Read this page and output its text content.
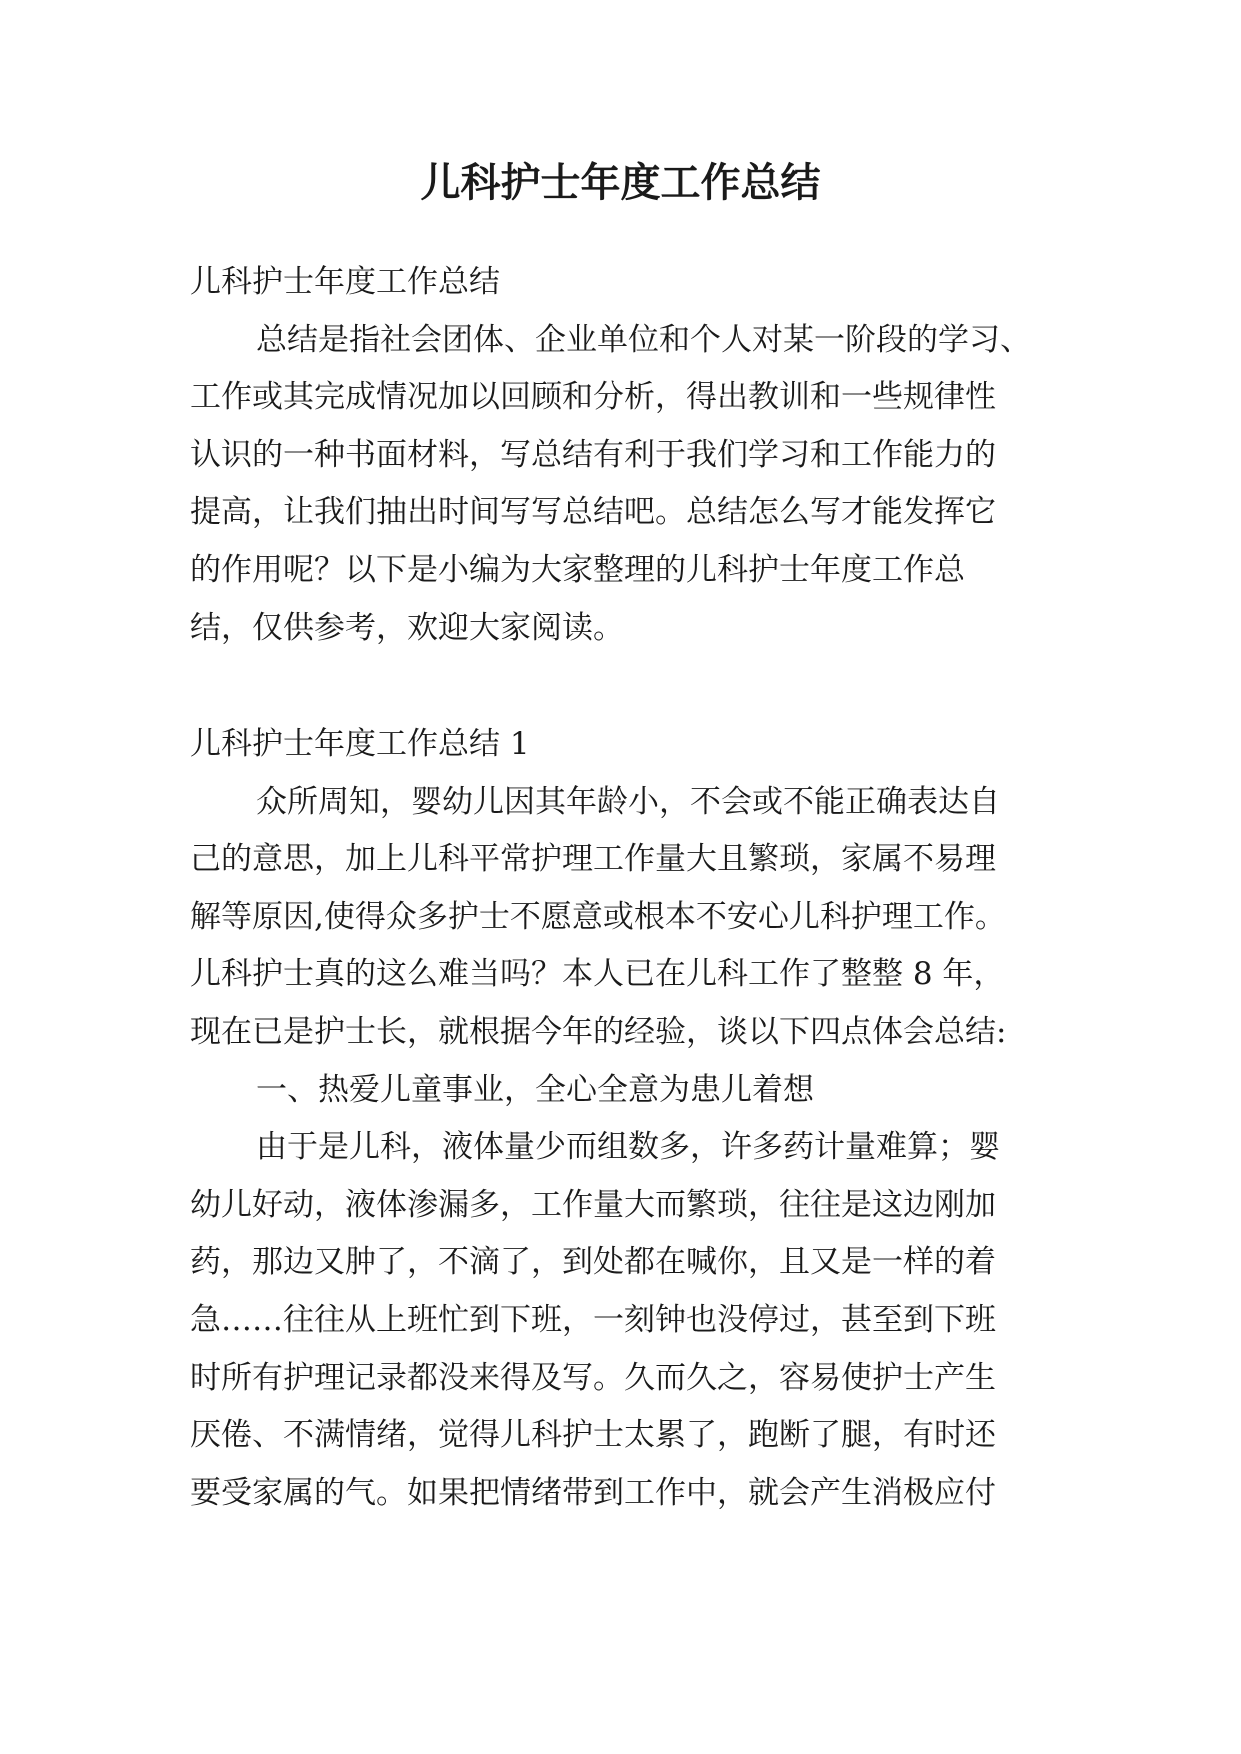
儿科护士年度工作总结
儿科护士年度工作总结
总结是指社会团体、企业单位和个人对某一阶段的学习、
工作或其完成情况加以回顾和分析，得出教训和一些规律性
认识的一种书面材料，写总结有利于我们学习和工作能力的
提高，让我们抽出时间写写总结吧。总结怎么写才能发挥它
的作用呢？以下是小编为大家整理的儿科护士年度工作总
结，仅供参考，欢迎大家阅读。
儿科护士年度工作总结 1
众所周知，婴幼儿因其年龄小，不会或不能正确表达自
己的意思，加上儿科平常护理工作量大且繁琐，家属不易理
解等原因,使得众多护士不愿意或根本不安心儿科护理工作。
儿科护士真的这么难当吗？本人已在儿科工作了整整 8 年，
现在已是护士长，就根据今年的经验，谈以下四点体会总结:
一、热爱儿童事业，全心全意为患儿着想
由于是儿科，液体量少而组数多，许多药计量难算；婴
幼儿好动，液体渗漏多，工作量大而繁琐，往往是这边刚加
药，那边又肿了，不滴了，到处都在喊你，且又是一样的着
急……往往从上班忙到下班，一刻钟也没停过，甚至到下班
时所有护理记录都没来得及写。久而久之，容易使护士产生
厌倦、不满情绪，觉得儿科护士太累了，跑断了腿，有时还
要受家属的气。如果把情绪带到工作中，就会产生消极应付
